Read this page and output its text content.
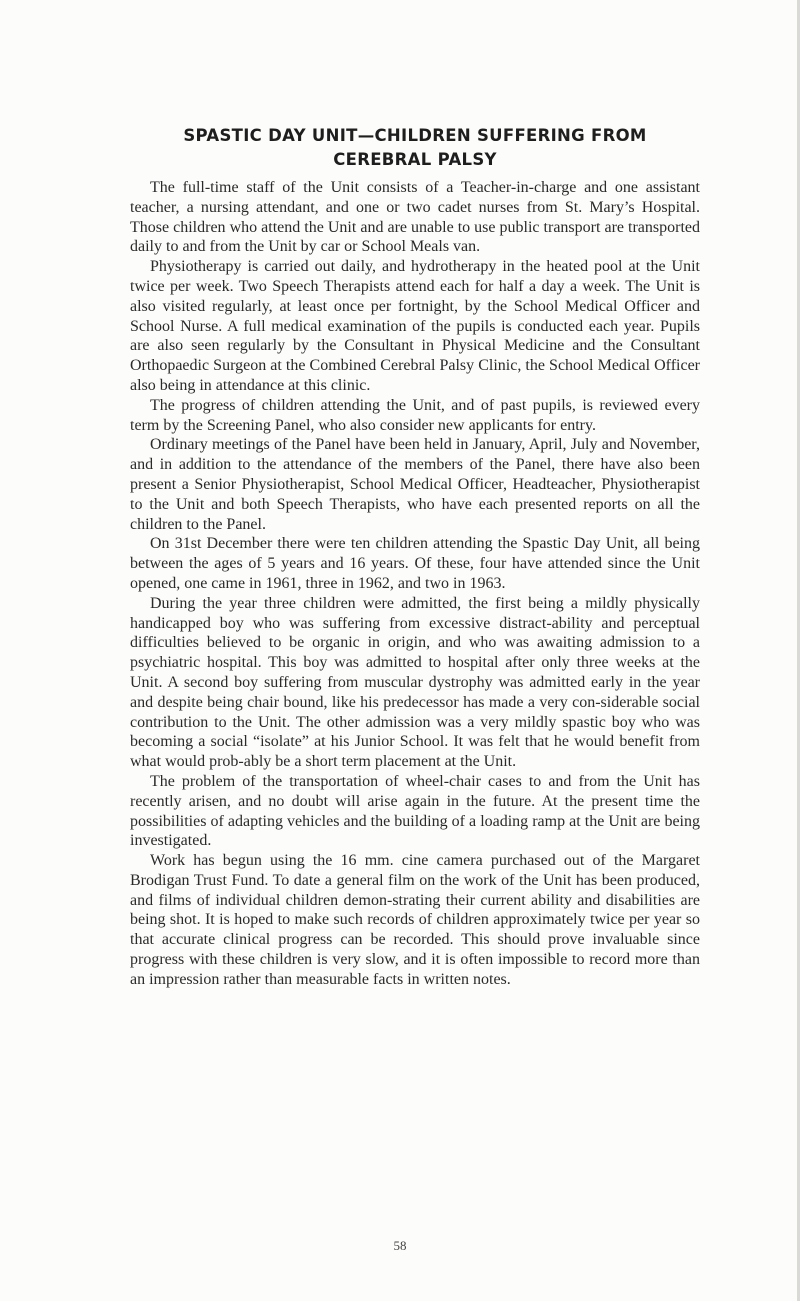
SPASTIC DAY UNIT—CHILDREN SUFFERING FROM
CEREBRAL PALSY

The full-time staff of the Unit consists of a Teacher-in-charge and one assistant teacher, a nursing attendant, and one or two cadet nurses from St. Mary’s Hospital. Those children who attend the Unit and are unable to use public transport are transported daily to and from the Unit by car or School Meals van.

Physiotherapy is carried out daily, and hydrotherapy in the heated pool at the Unit twice per week. Two Speech Therapists attend each for half a day a week. The Unit is also visited regularly, at least once per fortnight, by the School Medical Officer and School Nurse. A full medical examination of the pupils is conducted each year. Pupils are also seen regularly by the Consultant in Physical Medicine and the Consultant Orthopaedic Surgeon at the Combined Cerebral Palsy Clinic, the School Medical Officer also being in attendance at this clinic.

The progress of children attending the Unit, and of past pupils, is reviewed every term by the Screening Panel, who also consider new applicants for entry.

Ordinary meetings of the Panel have been held in January, April, July and November, and in addition to the attendance of the members of the Panel, there have also been present a Senior Physiotherapist, School Medical Officer, Headteacher, Physiotherapist to the Unit and both Speech Therapists, who have each presented reports on all the children to the Panel.

On 31st December there were ten children attending the Spastic Day Unit, all being between the ages of 5 years and 16 years. Of these, four have attended since the Unit opened, one came in 1961, three in 1962, and two in 1963.

During the year three children were admitted, the first being a mildly physically handicapped boy who was suffering from excessive distract-ability and perceptual difficulties believed to be organic in origin, and who was awaiting admission to a psychiatric hospital. This boy was admitted to hospital after only three weeks at the Unit. A second boy suffering from muscular dystrophy was admitted early in the year and despite being chair bound, like his predecessor has made a very con-siderable social contribution to the Unit. The other admission was a very mildly spastic boy who was becoming a social “isolate” at his Junior School. It was felt that he would benefit from what would prob-ably be a short term placement at the Unit.

The problem of the transportation of wheel-chair cases to and from the Unit has recently arisen, and no doubt will arise again in the future. At the present time the possibilities of adapting vehicles and the building of a loading ramp at the Unit are being investigated.

Work has begun using the 16 mm. cine camera purchased out of the Margaret Brodigan Trust Fund. To date a general film on the work of the Unit has been produced, and films of individual children demon-strating their current ability and disabilities are being shot. It is hoped to make such records of children approximately twice per year so that accurate clinical progress can be recorded. This should prove invaluable since progress with these children is very slow, and it is often impossible to record more than an impression rather than measurable facts in written notes.

58
